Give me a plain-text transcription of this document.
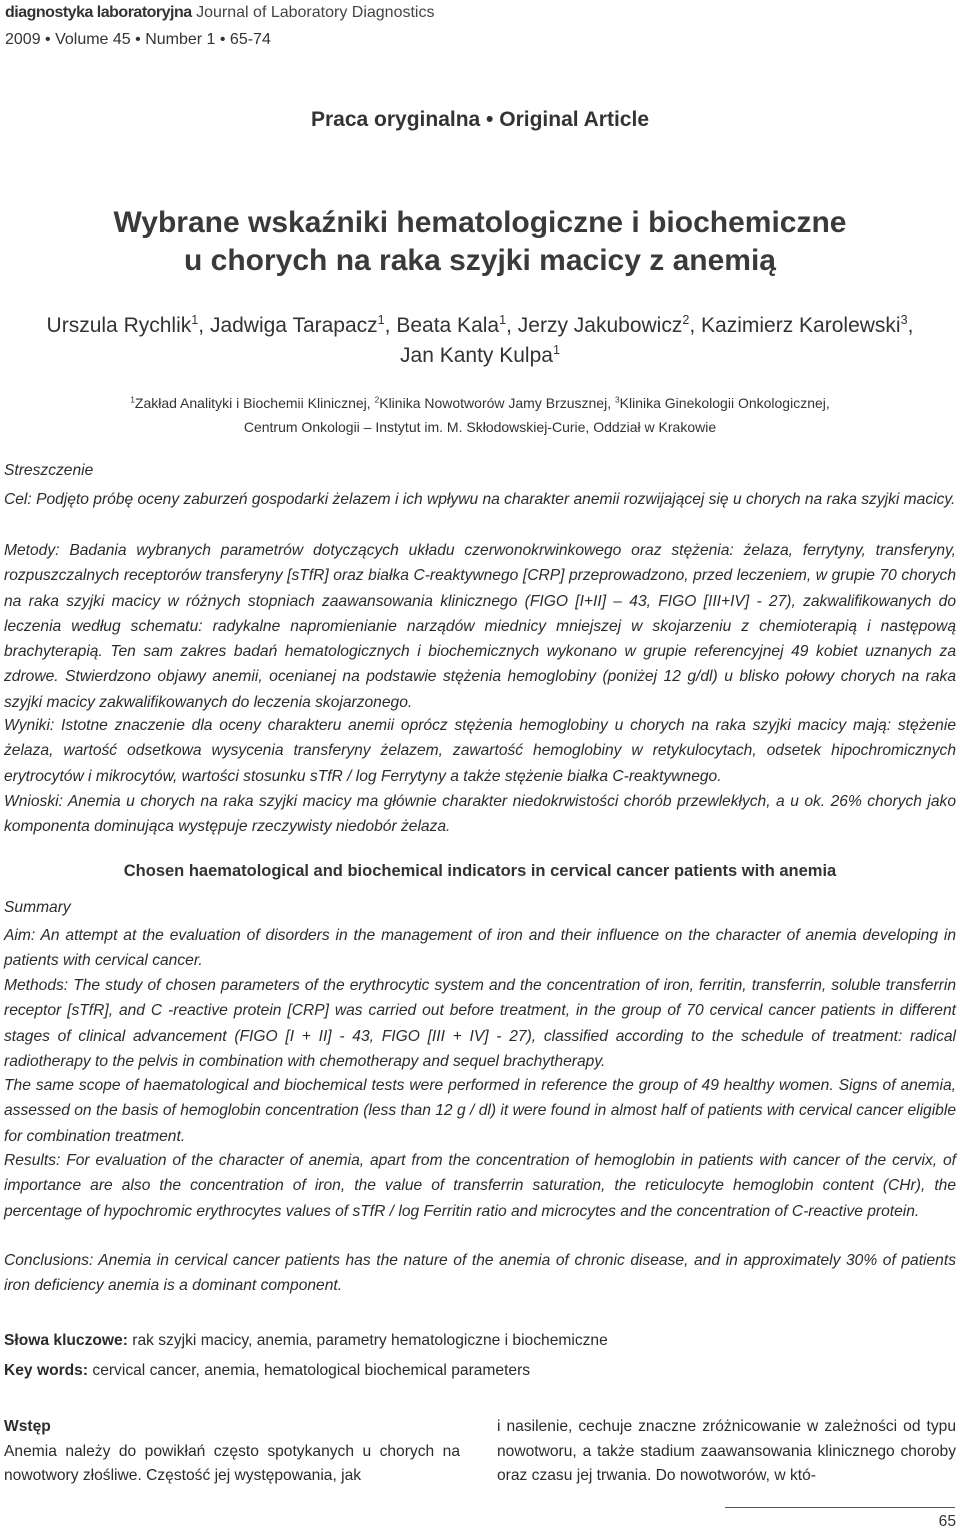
diagnostyka laboratoryjna Journal of Laboratory Diagnostics
2009 • Volume 45 • Number 1 • 65-74
Praca oryginalna • Original Article
Wybrane wskaźniki hematologiczne i biochemiczne
u chorych na raka szyjki macicy z anemią
Urszula Rychlik$^1$, Jadwiga Tarapacz$^1$, Beata Kala$^1$, Jerzy Jakubowicz$^2$, Kazimierz Karolewski$^3$,
Jan Kanty Kulpa$^1$
$^1$Zakład Analityki i Biochemii Klinicznej, $^2$Klinika Nowotworów Jamy Brzusznej, $^3$Klinika Ginekologii Onkologicznej,
Centrum Onkologii – Instytut im. M. Skłodowskiej-Curie, Oddział w Krakowie
Streszczenie
Cel: Podjęto próbę oceny zaburzeń gospodarki żelazem i ich wpływu na charakter anemii rozwijającej się u chorych na raka szyjki macicy.
Metody: Badania wybranych parametrów dotyczących układu czerwonokrwinkowego oraz stężenia: żelaza, ferrytyny, transferyny, rozpuszczalnych receptorów transferyny [sTfR] oraz białka C-reaktywnego [CRP] przeprowadzono, przed leczeniem, w grupie 70 chorych na raka szyjki macicy w różnych stopniach zaawansowania klinicznego (FIGO [I+II] – 43, FIGO [III+IV] - 27), zakwalifikowanych do leczenia według schematu: radykalne napromienianie narządów miednicy mniejszej w skojarzeniu z chemioterapią i następową brachyterapią. Ten sam zakres badań hematologicznych i biochemicznych wykonano w grupie referencyjnej 49 kobiet uznanych za zdrowe. Stwierdzono objawy anemii, ocenianej na podstawie stężenia hemoglobiny (poniżej 12 g/dl) u blisko połowy chorych na raka szyjki macicy zakwalifikowanych do leczenia skojarzonego.
Wyniki: Istotne znaczenie dla oceny charakteru anemii oprócz stężenia hemoglobiny u chorych na raka szyjki macicy mają: stężenie żelaza, wartość odsetkowa wysycenia transferyny żelazem, zawartość hemoglobiny w retykulocytach, odsetek hipochromicznych erytrocytów i mikrocytów, wartości stosunku sTfR / log Ferrytyny a także stężenie białka C-reaktywnego.
Wnioski: Anemia u chorych na raka szyjki macicy ma głównie charakter niedokrwistości chorób przewlekłych, a u ok. 26% chorych jako komponenta dominująca występuje rzeczywisty niedobór żelaza.
Chosen haematological and biochemical indicators in cervical cancer patients with anemia
Summary
Aim: An attempt at the evaluation of disorders in the management of iron and their influence on the character of anemia developing in patients with cervical cancer.
Methods: The study of chosen parameters of the erythrocytic system and the concentration of iron, ferritin, transferrin, soluble transferrin receptor [sTfR], and C -reactive protein [CRP] was carried out before treatment, in the group of 70 cervical cancer patients in different stages of clinical advancement (FIGO [I + II] - 43, FIGO [III + IV] - 27), classified according to the schedule of treatment: radical radiotherapy to the pelvis in combination with chemotherapy and sequel brachytherapy.
The same scope of haematological and biochemical tests were performed in reference the group of 49 healthy women. Signs of anemia, assessed on the basis of hemoglobin concentration (less than 12 g / dl) it were found in almost half of patients with cervical cancer eligible for combination treatment.
Results: For evaluation of the character of anemia, apart from the concentration of hemoglobin in patients with cancer of the cervix, of importance are also the concentration of iron, the value of transferrin saturation, the reticulocyte hemoglobin content (CHr), the percentage of hypochromic erythrocytes values of sTfR / log Ferritin ratio and microcytes and the concentration of C-reactive protein.
Conclusions: Anemia in cervical cancer patients has the nature of the anemia of chronic disease, and in approximately 30% of patients iron deficiency anemia is a dominant component.
Słowa kluczowe: rak szyjki macicy, anemia, parametry hematologiczne i biochemiczne
Key words: cervical cancer, anemia, hematological biochemical parameters
Wstęp
Anemia należy do powikłań często spotykanych u chorych na nowotwory złośliwe. Częstość jej występowania, jak
i nasilenie, cechuje znaczne zróżnicowanie w zależności od typu nowotworu, a także stadium zaawansowania klinicznego choroby oraz czasu jej trwania. Do nowotworów, w któ-
65
